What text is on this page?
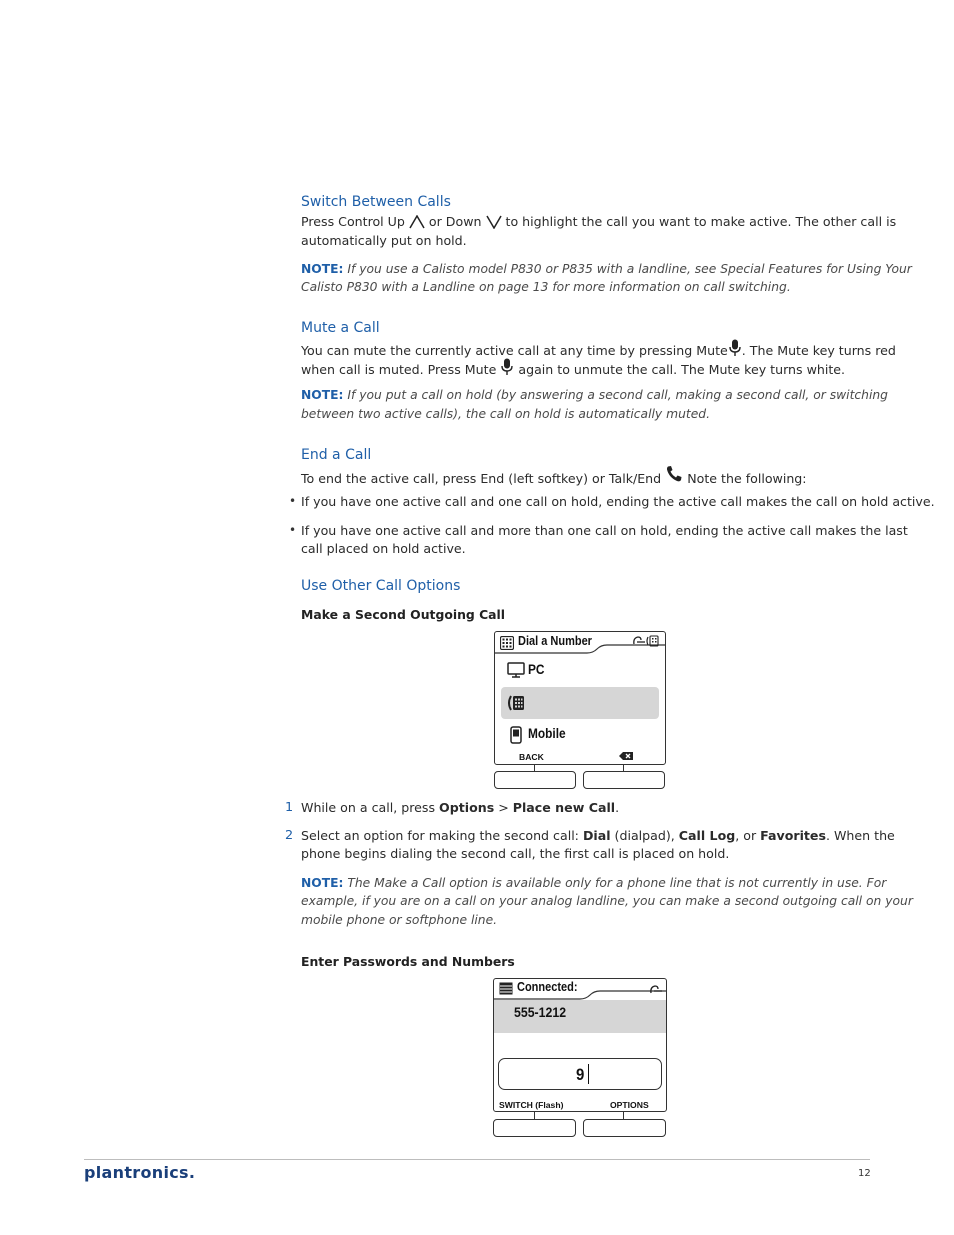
Switch Between Calls
Press Control Up or Down to highlight the call you want to make active. The other call is
automatically put on hold.
NOTE: If you use a Calisto model P830 or P835 with a landline, see Special Features for Using Your
Calisto P830 with a Landline on page 13 for more information on call switching.
Mute a Call
You can mute the currently active call at any time by pressing Mute . The Mute key turns red
when call is muted. Press Mute again to unmute the call. The Mute key turns white.
NOTE: If you put a call on hold (by answering a second call, making a second call, or switching
between two active calls), the call on hold is automatically muted.
End a Call
To end the active call, press End (left softkey) or Talk/End Note the following:
• If you have one active call and one call on hold, ending the active call makes the call on hold active.
• If you have one active call and more than one call on hold, ending the active call makes the last
call placed on hold active.
Use Other Call Options
Make a Second Outgoing Call
Dial a Number
PC
Mobile
BACK
1 While on a call, press Options > Place new Call.
2 Select an option for making the second call: Dial (dialpad), Call Log, or Favorites. When the
phone begins dialing the second call, the first call is placed on hold.
NOTE: The Make a Call option is available only for a phone line that is not currently in use. For
example, if you are on a call on your analog landline, you can make a second outgoing call on your
mobile phone or softphone line.
Enter Passwords and Numbers
Connected:
555-1212
9
SWITCH (Flash)	OPTIONS
plantronics.	12
